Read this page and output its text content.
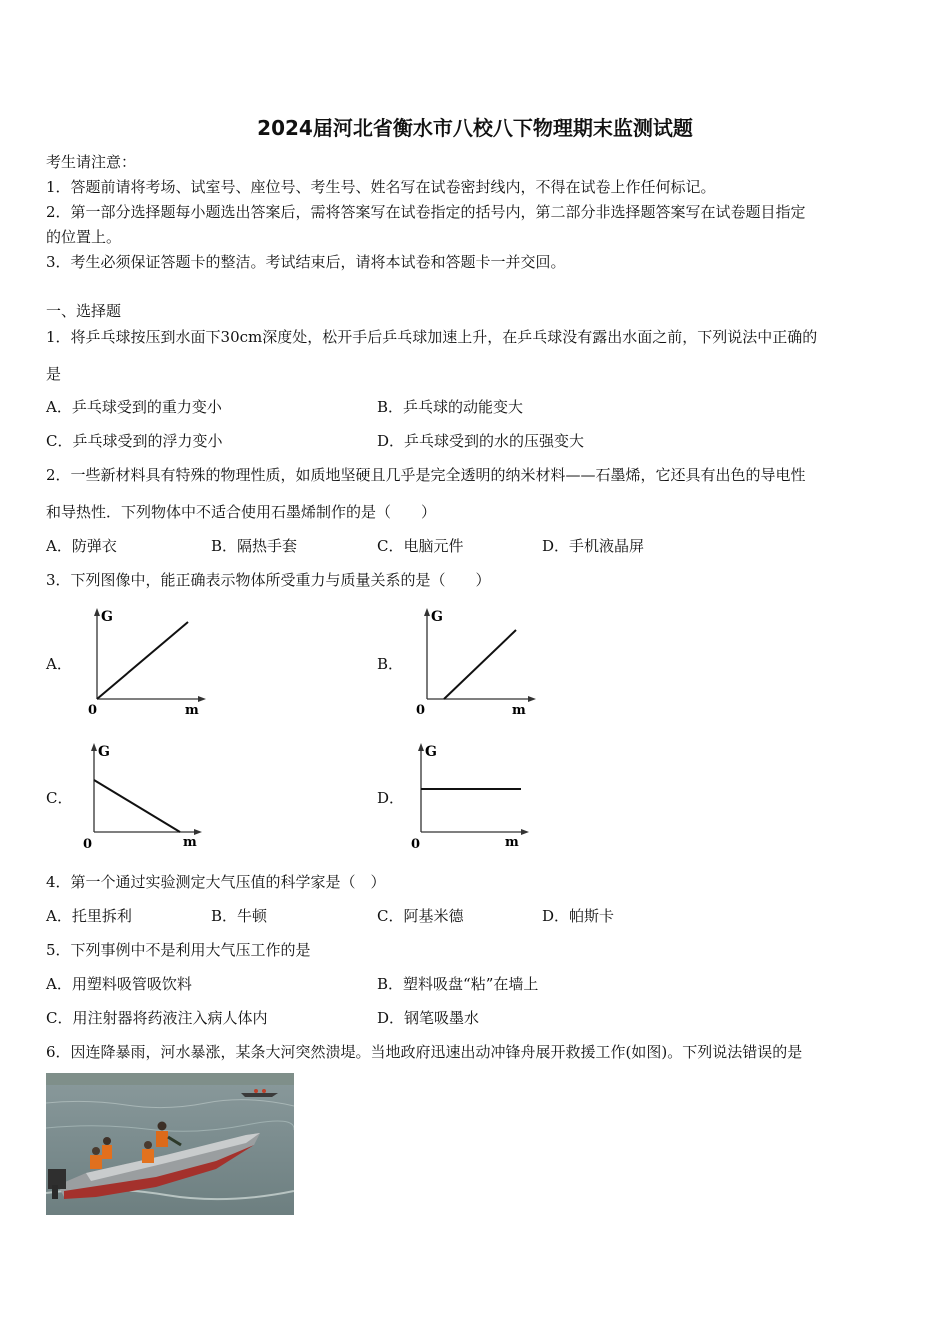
2024届河北省衡水市八校八下物理期末监测试题
考生请注意：
1．答题前请将考场、试室号、座位号、考生号、姓名写在试卷密封线内，不得在试卷上作任何标记。
2．第一部分选择题每小题选出答案后，需将答案写在试卷指定的括号内，第二部分非选择题答案写在试卷题目指定
的位置上。
3．考生必须保证答题卡的整洁。考试结束后，请将本试卷和答题卡一并交回。
一、选择题
1．将乒乓球按压到水面下30cm深度处，松开手后乒乓球加速上升，在乒乓球没有露出水面之前，下列说法中正确的
是
A．乒乓球受到的重力变小	B．乒乓球的动能变大
C．乒乓球受到的浮力变小	D．乒乓球受到的水的压强变大
2．一些新材料具有特殊的物理性质，如质地坚硬且几乎是完全透明的纳米材料——石墨烯，它还具有出色的导电性
和导热性．下列物体中不适合使用石墨烯制作的是（　　）
A．防弹衣	B．隔热手套	C．电脑元件	D．手机液晶屏
3．下列图像中，能正确表示物体所受重力与质量关系的是（　　）
A．
G
0	m
B．
G
0	m
C．
G
0	m
D．
G
0	m
4．第一个通过实验测定大气压值的科学家是（　）
A．托里拆利	B．牛顿	C．阿基米德	D．帕斯卡
5．下列事例中不是利用大气压工作的是
A．用塑料吸管吸饮料	B．塑料吸盘“粘”在墙上
C．用注射器将药液注入病人体内	D．钢笔吸墨水
6．因连降暴雨，河水暴涨，某条大河突然溃堤。当地政府迅速出动冲锋舟展开救援工作(如图)。下列说法错误的是
